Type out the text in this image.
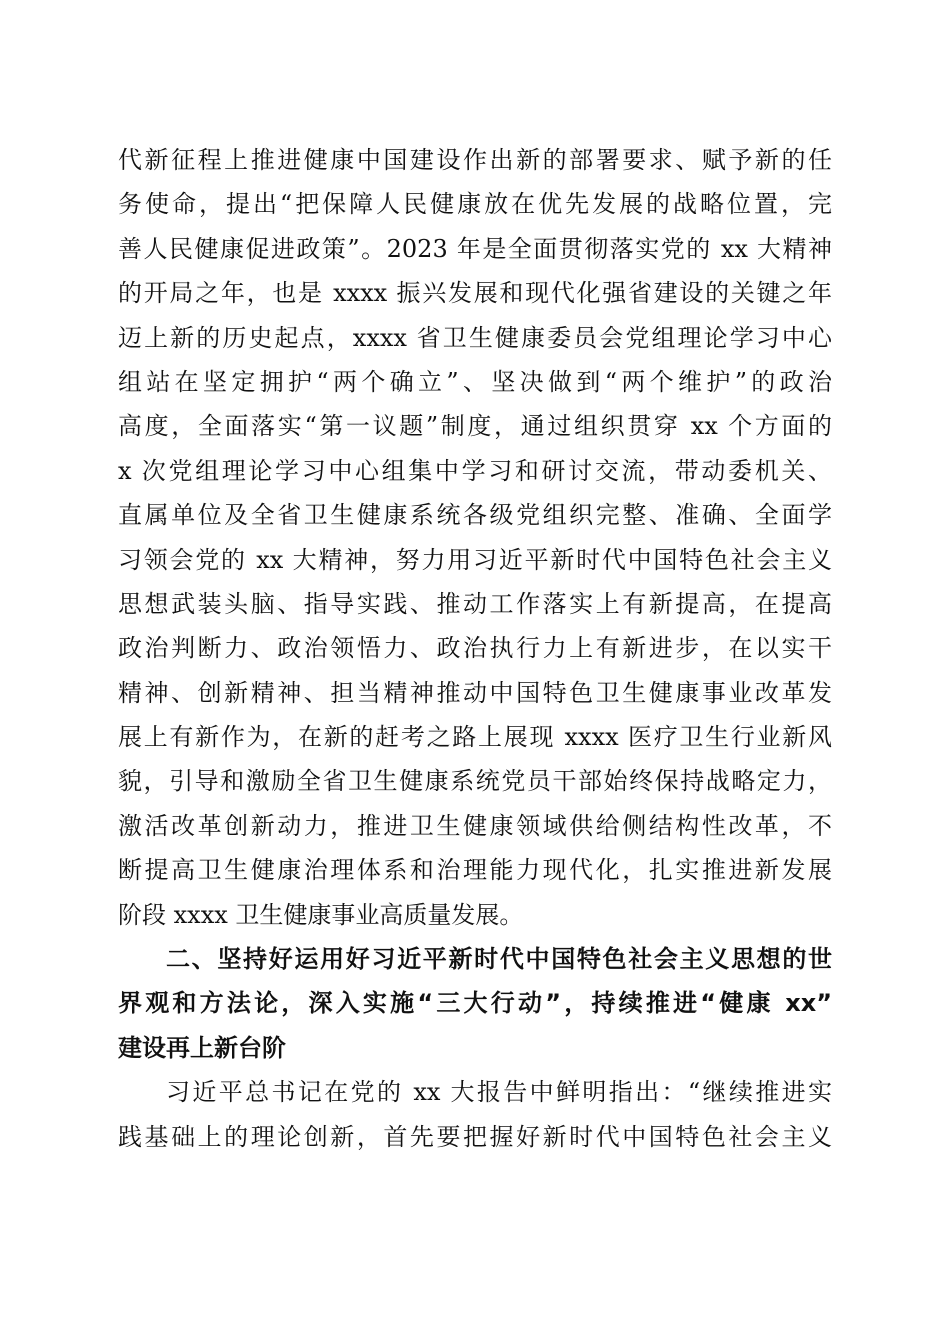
代新征程上推进健康中国建设作出新的部署要求、赋予新的任
务使命，提出“把保障人民健康放在优先发展的战略位置，完
善人民健康促进政策”。2023 年是全面贯彻落实党的 xx 大精神
的开局之年，也是 xxxx 振兴发展和现代化强省建设的关键之年
迈上新的历史起点，xxxx 省卫生健康委员会党组理论学习中心
组站在坚定拥护“两个确立”、坚决做到“两个维护”的政治
高度，全面落实“第一议题”制度，通过组织贯穿 xx 个方面的
x 次党组理论学习中心组集中学习和研讨交流，带动委机关、
直属单位及全省卫生健康系统各级党组织完整、准确、全面学
习领会党的 xx 大精神，努力用习近平新时代中国特色社会主义
思想武装头脑、指导实践、推动工作落实上有新提高，在提高
政治判断力、政治领悟力、政治执行力上有新进步，在以实干
精神、创新精神、担当精神推动中国特色卫生健康事业改革发
展上有新作为，在新的赶考之路上展现 xxxx 医疗卫生行业新风
貌，引导和激励全省卫生健康系统党员干部始终保持战略定力，
激活改革创新动力，推进卫生健康领域供给侧结构性改革，不
断提高卫生健康治理体系和治理能力现代化，扎实推进新发展
阶段 xxxx 卫生健康事业高质量发展。
二、坚持好运用好习近平新时代中国特色社会主义思想的世
界观和方法论，深入实施“三大行动”，持续推进“健康 xx”
建设再上新台阶
习近平总书记在党的 xx 大报告中鲜明指出：“继续推进实
践基础上的理论创新，首先要把握好新时代中国特色社会主义
